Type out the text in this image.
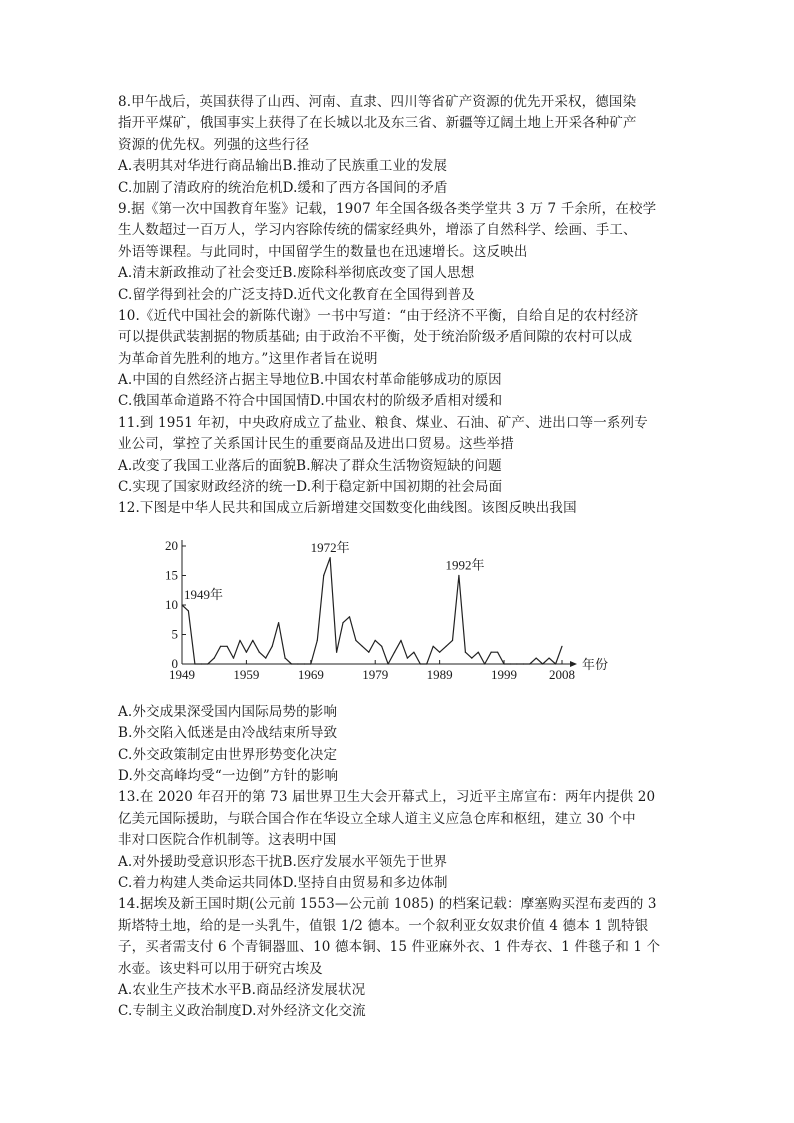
8.甲午战后，英国获得了山西、河南、直隶、四川等省矿产资源的优先开采权，德国染
指开平煤矿，俄国事实上获得了在长城以北及东三省、新疆等辽阔土地上开采各种矿产
资源的优先权。列强的这些行径
A.表明其对华进行商品输出B.推动了民族重工业的发展
C.加剧了清政府的统治危机D.缓和了西方各国间的矛盾
9.据《第一次中国教育年鉴》记载，1907 年全国各级各类学堂共 3 万 7 千余所，在校学
生人数超过一百万人，学习内容除传统的儒家经典外，增添了自然科学、绘画、手工、
外语等课程。与此同时，中国留学生的数量也在迅速增长。这反映出
A.清末新政推动了社会变迁B.废除科举彻底改变了国人思想
C.留学得到社会的广泛支持D.近代文化教育在全国得到普及
10.《近代中国社会的新陈代谢》一书中写道：“由于经济不平衡，自给自足的农村经济
可以提供武装割据的物质基础; 由于政治不平衡，处于统治阶级矛盾间隙的农村可以成
为革命首先胜利的地方。”这里作者旨在说明
A.中国的自然经济占据主导地位B.中国农村革命能够成功的原因
C.俄国革命道路不符合中国国情D.中国农村的阶级矛盾相对缓和
11.到 1951 年初，中央政府成立了盐业、粮食、煤业、石油、矿产、进出口等一系列专
业公司，掌控了关系国计民生的重要商品及进出口贸易。这些举措
A.改变了我国工业落后的面貌B.解决了群众生活物资短缺的问题
C.实现了国家财政经济的统一D.利于稳定新中国初期的社会局面
12.下图是中华人民共和国成立后新增建交国数变化曲线图。该图反映出我国
0
5
10
15
20
1949	1959	1969	1979	1989	1999 2008
年份
1949年
1972年
1992年
A.外交成果深受国内国际局势的影响
B.外交陷入低迷是由冷战结束所导致
C.外交政策制定由世界形势变化决定
D.外交高峰均受“一边倒”方针的影响
13.在 2020 年召开的第 73 届世界卫生大会开幕式上，习近平主席宣布：两年内提供 20
亿美元国际援助，与联合国合作在华设立全球人道主义应急仓库和枢纽，建立 30 个中
非对口医院合作机制等。这表明中国
A.对外援助受意识形态干扰B.医疗发展水平领先于世界
C.着力构建人类命运共同体D.坚持自由贸易和多边体制
14.据埃及新王国时期(公元前 1553—公元前 1085) 的档案记载：摩塞购买涅布麦西的 3
斯塔特土地，给的是一头乳牛，值银 1/2 德本。一个叙利亚女奴隶价值 4 德本 1 凯特银
子，买者需支付 6 个青铜器皿、10 德本铜、15 件亚麻外衣、1 件寿衣、1 件毯子和 1 个
水壶。该史料可以用于研究古埃及
A.农业生产技术水平B.商品经济发展状况
C.专制主义政治制度D.对外经济文化交流
